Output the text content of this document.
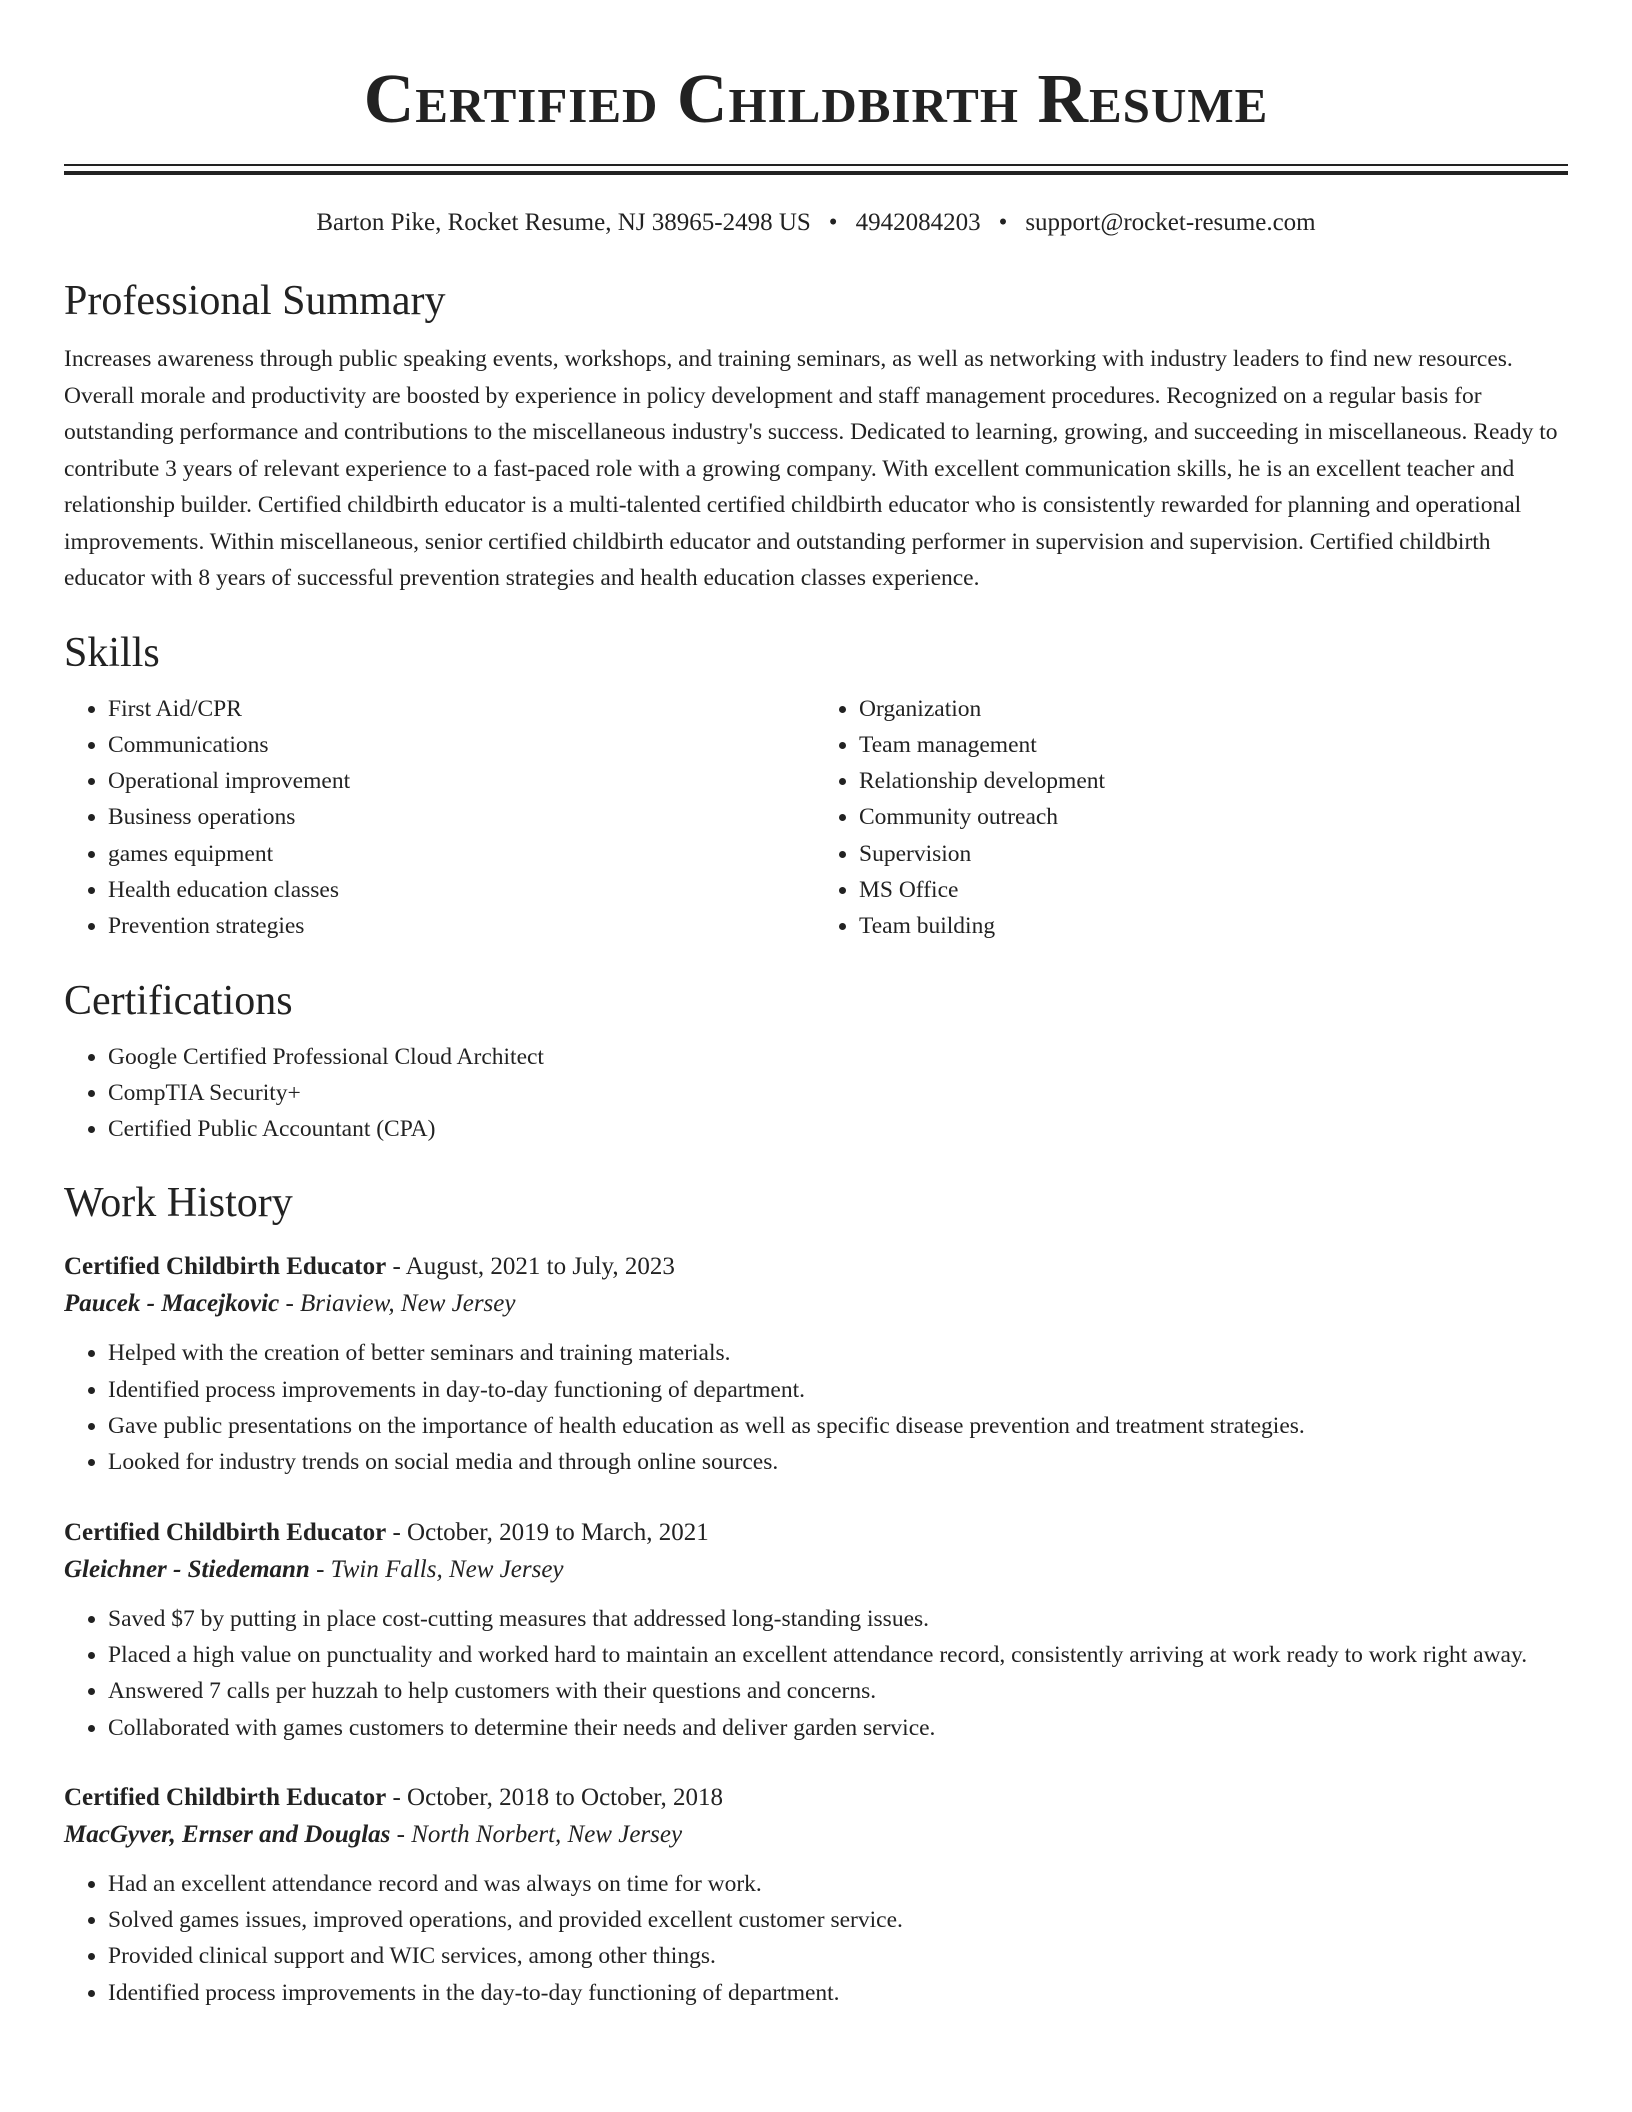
Certified Childbirth Resume
Barton Pike, Rocket Resume, NJ 38965-2498 US • 4942084203 • support@rocket-resume.com
Professional Summary
Increases awareness through public speaking events, workshops, and training seminars, as well as networking with industry leaders to find new resources. Overall morale and productivity are boosted by experience in policy development and staff management procedures. Recognized on a regular basis for outstanding performance and contributions to the miscellaneous industry's success. Dedicated to learning, growing, and succeeding in miscellaneous. Ready to contribute 3 years of relevant experience to a fast-paced role with a growing company. With excellent communication skills, he is an excellent teacher and relationship builder. Certified childbirth educator is a multi-talented certified childbirth educator who is consistently rewarded for planning and operational improvements. Within miscellaneous, senior certified childbirth educator and outstanding performer in supervision and supervision. Certified childbirth educator with 8 years of successful prevention strategies and health education classes experience.
Skills
• First Aid/CPR
• Communications
• Operational improvement
• Business operations
• games equipment
• Health education classes
• Prevention strategies
• Organization
• Team management
• Relationship development
• Community outreach
• Supervision
• MS Office
• Team building
Certifications
• Google Certified Professional Cloud Architect
• CompTIA Security+
• Certified Public Accountant (CPA)
Work History
Certified Childbirth Educator - August, 2021 to July, 2023
Paucek - Macejkovic - Briaview, New Jersey
• Helped with the creation of better seminars and training materials.
• Identified process improvements in day-to-day functioning of department.
• Gave public presentations on the importance of health education as well as specific disease prevention and treatment strategies.
• Looked for industry trends on social media and through online sources.
Certified Childbirth Educator - October, 2019 to March, 2021
Gleichner - Stiedemann - Twin Falls, New Jersey
• Saved $7 by putting in place cost-cutting measures that addressed long-standing issues.
• Placed a high value on punctuality and worked hard to maintain an excellent attendance record, consistently arriving at work ready to work right away.
• Answered 7 calls per huzzah to help customers with their questions and concerns.
• Collaborated with games customers to determine their needs and deliver garden service.
Certified Childbirth Educator - October, 2018 to October, 2018
MacGyver, Ernser and Douglas - North Norbert, New Jersey
• Had an excellent attendance record and was always on time for work.
• Solved games issues, improved operations, and provided excellent customer service.
• Provided clinical support and WIC services, among other things.
• Identified process improvements in the day-to-day functioning of department.
